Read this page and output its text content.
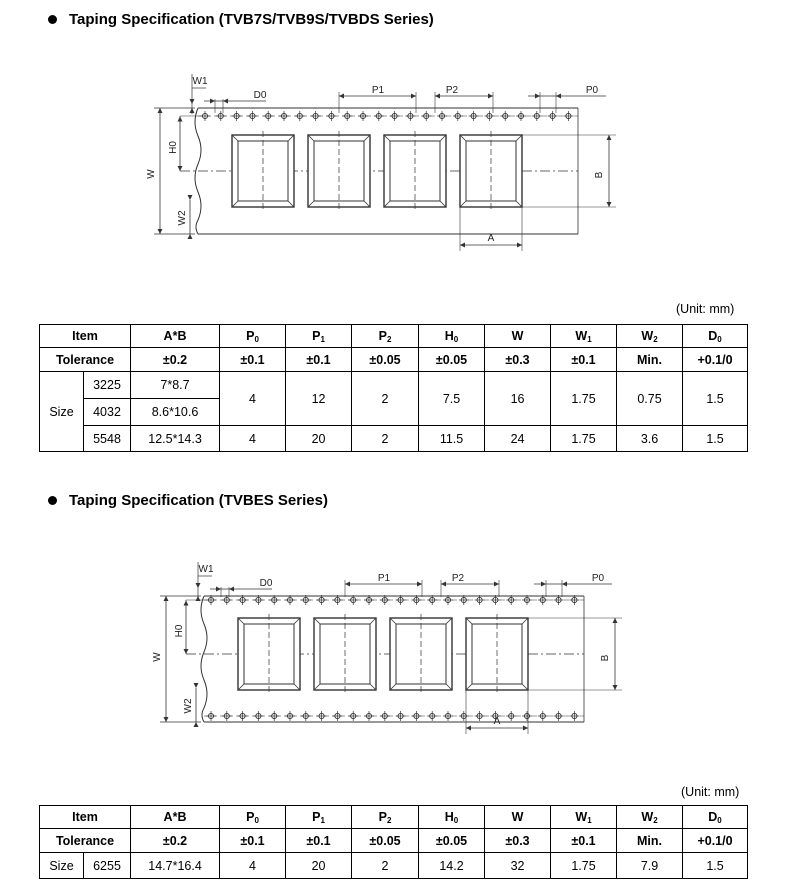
Taping Specification (TVB7S/TVB9S/TVBDS Series)
W
H0
W2
W1
D0	P1	P2	P0
B
A
(Unit: mm)
Item		A*B	$P_0$	$P_1$	$P_2$	$H_0$	W	$W_1$	$W_2$	$D_0$
Tolerance		±0.2	±0.1	±0.1	±0.05	±0.05	±0.3	±0.1	Min.	+0.1/0
Size	3225	7*8.7	4	12	2	7.5	16	1.75	0.75	1.5
	4032	8.6*10.6								
	5548	12.5*14.3	4	20	2	11.5	24	1.75	3.6	1.5
Taping Specification (TVBES Series)
W
H0
W2
W1
D0	P1	P2	P0
B
A
(Unit: mm)
Item		A*B	$P_0$	$P_1$	$P_2$	$H_0$	W	$W_1$	$W_2$	$D_0$
Tolerance		±0.2	±0.1	±0.1	±0.05	±0.05	±0.3	±0.1	Min.	+0.1/0
Size	6255	14.7*16.4	4	20	2	14.2	32	1.75	7.9	1.5
